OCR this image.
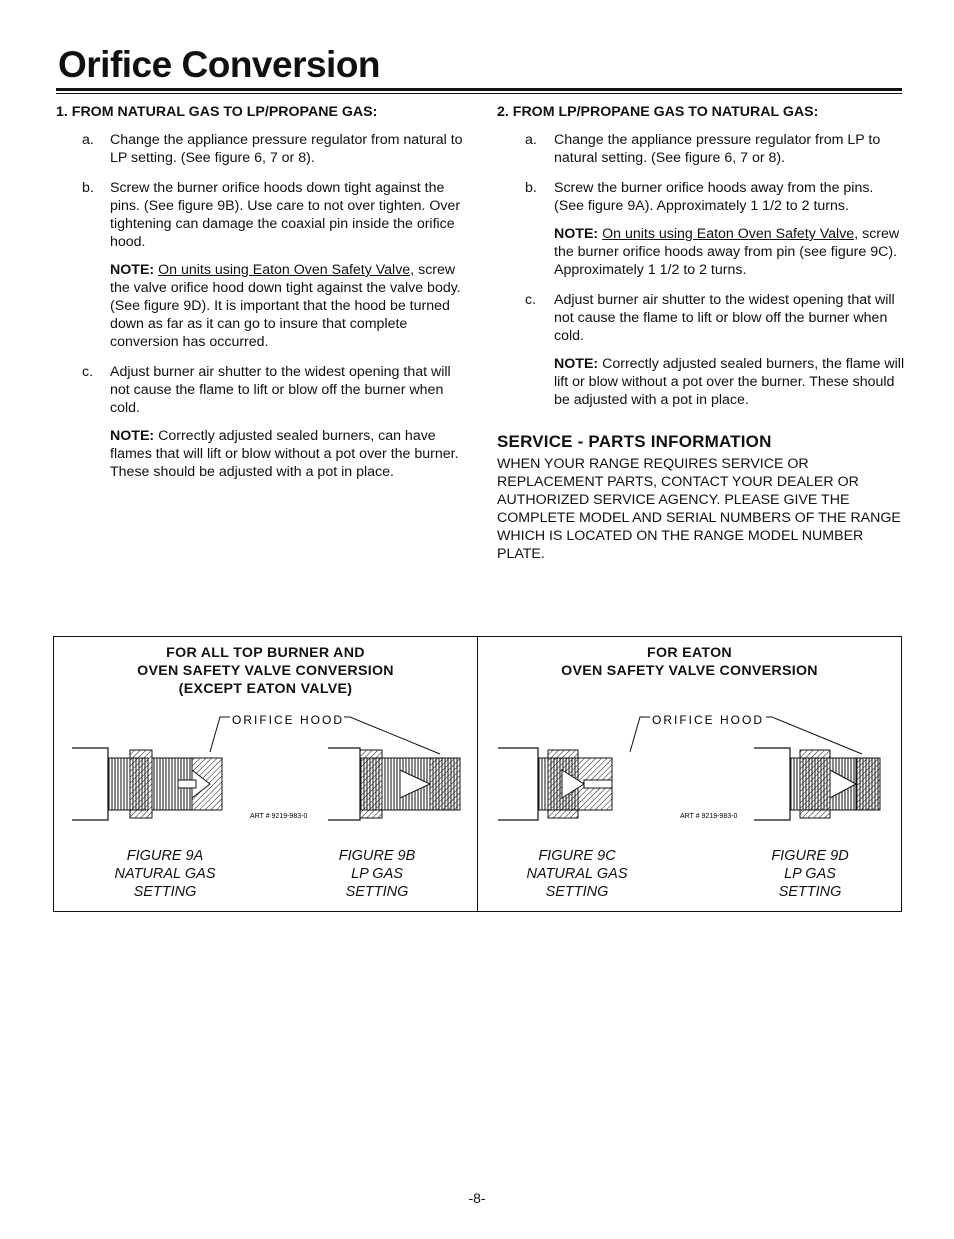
Orifice Conversion
1. FROM NATURAL GAS TO LP/PROPANE GAS:
a.	Change the appliance pressure regulator from natural to LP setting. (See figure 6, 7 or 8).
b.	Screw the burner orifice hoods down tight against the pins. (See figure 9B). Use care to not over tighten. Over tightening can damage the coaxial pin inside the orifice hood.
NOTE: On units using Eaton Oven Safety Valve, screw the valve orifice hood down tight against the valve body. (See figure 9D). It is important that the hood be turned down as far as it can go to insure that complete conversion has occurred.
c.	Adjust burner air shutter to the widest opening that will not cause the flame to lift or blow off the burner when cold.
NOTE: Correctly adjusted sealed burners, can have flames that will lift or blow without a pot over the burner. These should be adjusted with a pot in place.
2. FROM LP/PROPANE GAS TO NATURAL GAS:
a.	Change the appliance pressure regulator from LP to natural setting. (See figure 6, 7 or 8).
b.	Screw the burner orifice hoods away from the pins. (See figure 9A). Approximately 1 1/2 to 2 turns.
NOTE: On units using Eaton Oven Safety Valve, screw the burner orifice hoods away from pin (see figure 9C). Approximately 1 1/2 to 2 turns.
c.	Adjust burner air shutter to the widest opening that will not cause the flame to lift or blow off the burner when cold.
NOTE: Correctly adjusted sealed burners, the flame will lift or blow without a pot over the burner. These should be adjusted with a pot in place.
SERVICE - PARTS INFORMATION
WHEN YOUR RANGE REQUIRES SERVICE OR REPLACEMENT PARTS, CONTACT YOUR DEALER OR AUTHORIZED SERVICE AGENCY. PLEASE GIVE THE COMPLETE MODEL AND SERIAL NUMBERS OF THE RANGE WHICH IS LOCATED ON THE RANGE MODEL NUMBER PLATE.
FOR ALL TOP BURNER AND
OVEN SAFETY VALVE CONVERSION
(EXCEPT EATON VALVE)
FOR EATON
OVEN SAFETY VALVE CONVERSION
ORIFICE HOOD
ART # 9219-983-0
ORIFICE HOOD
ART # 9219-983-0
FIGURE 9A
NATURAL GAS
SETTING
FIGURE 9B
LP GAS
SETTING
FIGURE 9C
NATURAL GAS
SETTING
FIGURE 9D
LP GAS
SETTING
-8-
